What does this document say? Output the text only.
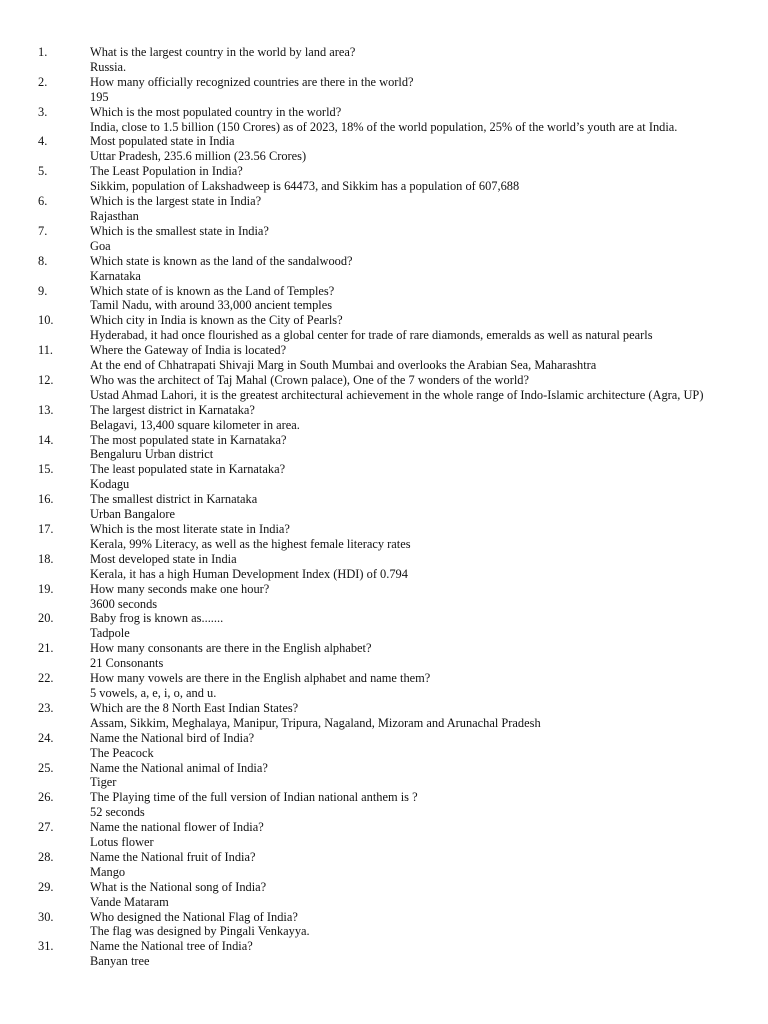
1.	What is the largest country in the world by land area?
Russia.
2.	How many officially recognized countries are there in the world?
195
3.	Which is the most populated country in the world?
India, close to 1.5 billion (150 Crores) as of 2023, 18% of the world population, 25% of the world’s youth are at India.
4.	Most populated state in India
Uttar Pradesh, 235.6 million (23.56 Crores)
5.	The Least Population in India?
Sikkim, population of Lakshadweep is 64473, and Sikkim has a population of 607,688
6.	Which is the largest state in India?
Rajasthan
7.	Which is the smallest state in India?
Goa
8.	Which state is known as the land of the sandalwood?
Karnataka
9.	Which state of is known as the Land of Temples?
Tamil Nadu, with around 33,000 ancient temples
10.	Which city in India is known as the City of Pearls?
Hyderabad, it had once flourished as a global center for trade of rare diamonds, emeralds as well as natural pearls
11.	Where the Gateway of India is located?
At the end of Chhatrapati Shivaji Marg in South Mumbai and overlooks the Arabian Sea, Maharashtra
12.	Who was the architect of Taj Mahal (Crown palace), One of the 7 wonders of the world?
Ustad Ahmad Lahori, it is the greatest architectural achievement in the whole range of Indo-Islamic architecture (Agra, UP)
13.	The largest district in Karnataka?
Belagavi, 13,400 square kilometer in area.
14.	The most populated state in Karnataka?
Bengaluru Urban district
15.	The least populated state in Karnataka?
Kodagu
16.	The smallest district in Karnataka
Urban Bangalore
17.	Which is the most literate state in India?
Kerala, 99% Literacy, as well as the highest female literacy rates
18.	Most developed state in India
Kerala, it has a high Human Development Index (HDI) of 0.794
19.	How many seconds make one hour?
3600 seconds
20.	Baby frog is known as.......
Tadpole
21.	How many consonants are there in the English alphabet?
21 Consonants
22.	How many vowels are there in the English alphabet and name them?
5 vowels, a, e, i, o, and u.
23.	Which are the 8 North East Indian States?
Assam, Sikkim, Meghalaya, Manipur, Tripura, Nagaland, Mizoram and Arunachal Pradesh
24.	Name the National bird of India?
The Peacock
25.	Name the National animal of India?
Tiger
26.	The Playing time of the full version of Indian national anthem is ?
52 seconds
27.	Name the national flower of India?
Lotus flower
28.	Name the National fruit of India?
Mango
29.	What is the National song of India?
Vande Mataram
30.	Who designed the National Flag of India?
The flag was designed by Pingali Venkayya.
31.	Name the National tree of India?
Banyan tree
